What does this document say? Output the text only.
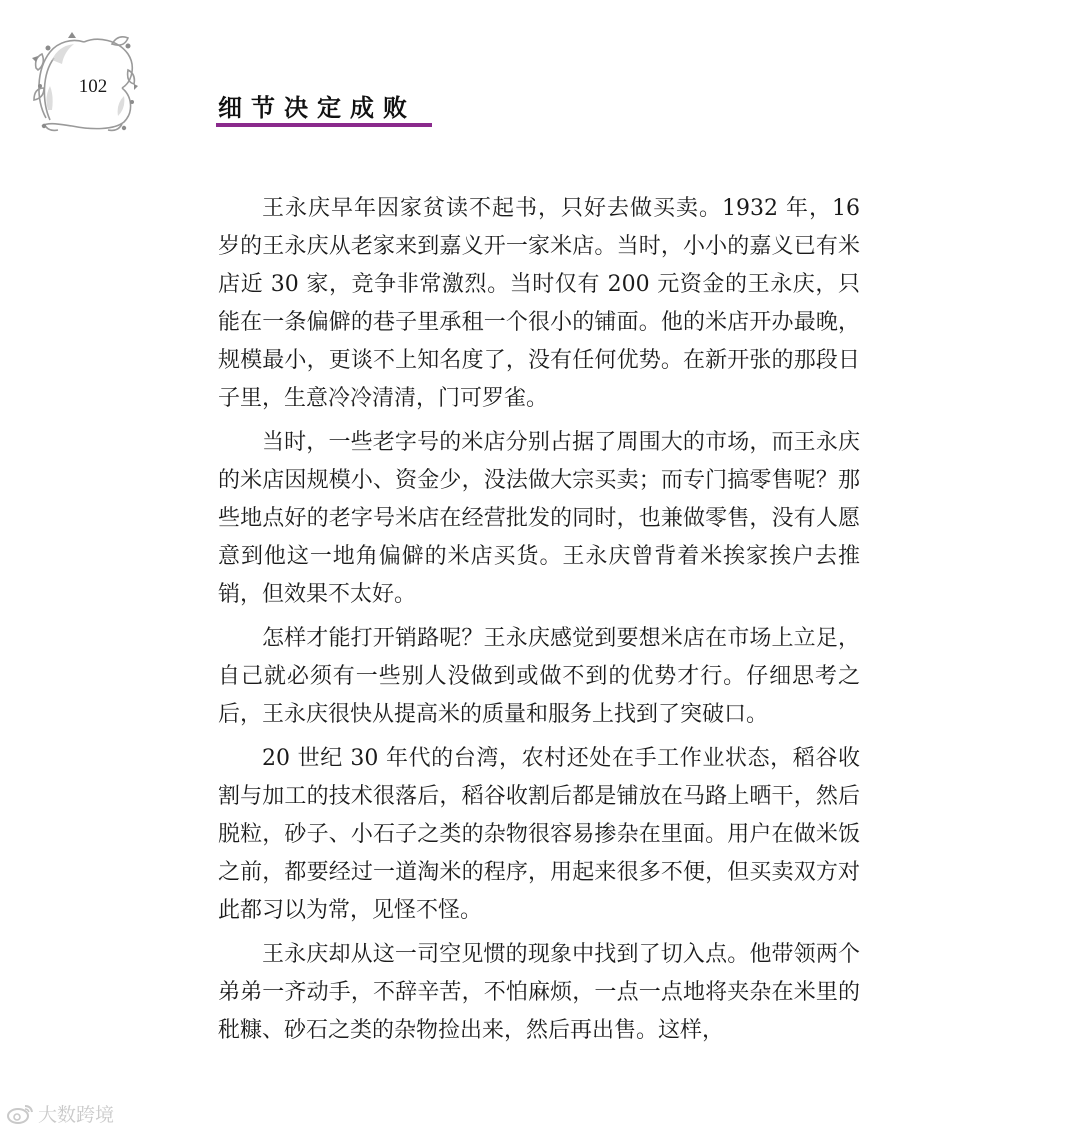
102
细节决定成败

王永庆早年因家贫读不起书，只好去做买卖。1932 年，16 岁的王永庆从老家来到嘉义开一家米店。当时，小小的嘉义已有米店近 30 家，竞争非常激烈。当时仅有 200 元资金的王永庆，只能在一条偏僻的巷子里承租一个很小的铺面。他的米店开办最晚，规模最小，更谈不上知名度了，没有任何优势。在新开张的那段日子里，生意冷冷清清，门可罗雀。

当时，一些老字号的米店分别占据了周围大的市场，而王永庆的米店因规模小、资金少，没法做大宗买卖；而专门搞零售呢？那些地点好的老字号米店在经营批发的同时，也兼做零售，没有人愿意到他这一地角偏僻的米店买货。王永庆曾背着米挨家挨户去推销，但效果不太好。

怎样才能打开销路呢？王永庆感觉到要想米店在市场上立足，自己就必须有一些别人没做到或做不到的优势才行。仔细思考之后，王永庆很快从提高米的质量和服务上找到了突破口。

20 世纪 30 年代的台湾，农村还处在手工作业状态，稻谷收割与加工的技术很落后，稻谷收割后都是铺放在马路上晒干，然后脱粒，砂子、小石子之类的杂物很容易掺杂在里面。用户在做米饭之前，都要经过一道淘米的程序，用起来很多不便，但买卖双方对此都习以为常，见怪不怪。

王永庆却从这一司空见惯的现象中找到了切入点。他带领两个弟弟一齐动手，不辞辛苦，不怕麻烦，一点一点地将夹杂在米里的秕糠、砂石之类的杂物捡出来，然后再出售。这样，

大数跨境
